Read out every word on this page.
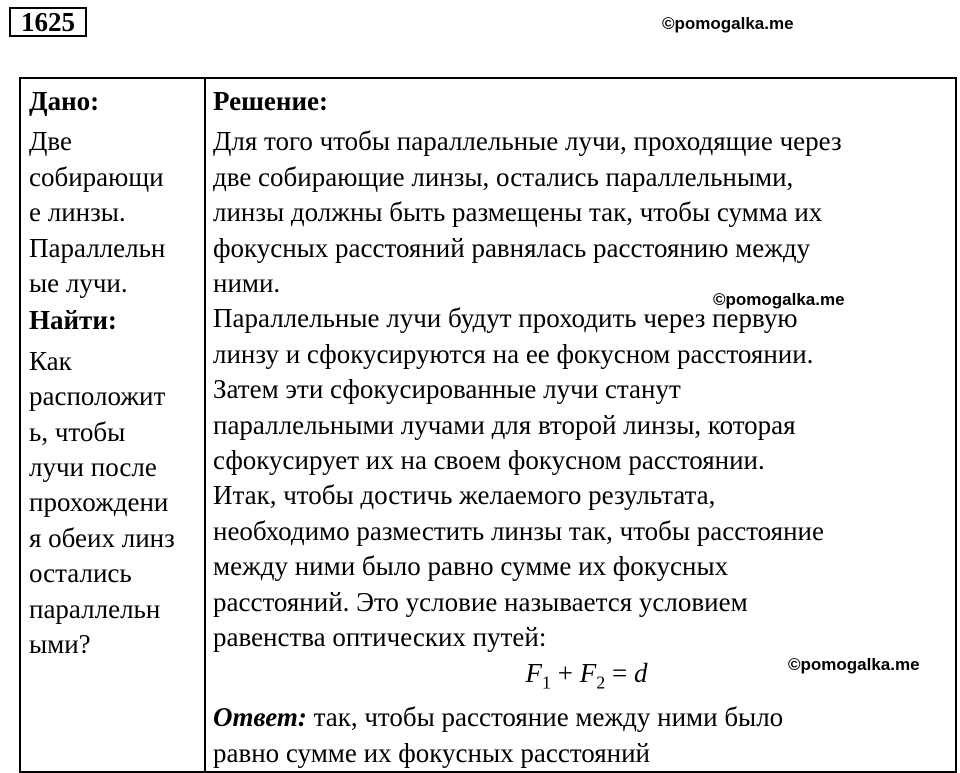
1625	©pomogalka.me
Дано:
Две
собирающи
е линзы.
Параллельн
ые лучи.
Найти:
Как
расположит
ь, чтобы
лучи после
прохождени
я обеих линз
остались
параллельн
ыми?

Решение:
Для того чтобы параллельные лучи, проходящие через
две собирающие линзы, остались параллельными,
линзы должны быть размещены так, чтобы сумма их
фокусных расстояний равнялась расстоянию между
ними.
Параллельные лучи будут проходить через первую
линзу и сфокусируются на ее фокусном расстоянии.
Затем эти сфокусированные лучи станут
параллельными лучами для второй линзы, которая
сфокусирует их на своем фокусном расстоянии.
Итак, чтобы достичь желаемого результата,
необходимо разместить линзы так, чтобы расстояние
между ними было равно сумме их фокусных
расстояний. Это условие называется условием
равенства оптических путей:
$F_1 + F_2 = d$
Ответ: так, чтобы расстояние между ними было
равно сумме их фокусных расстояний
©pomogalka.me
©pomogalka.me
